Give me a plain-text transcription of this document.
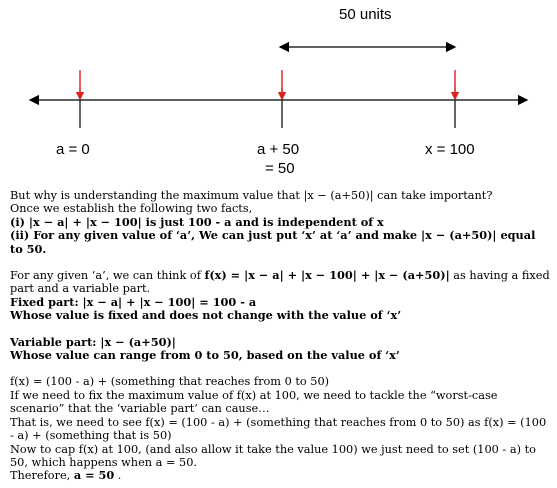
50 units
a = 0	a + 50
= 50
x = 100

But why is understanding the maximum value that |x − (a+50)| can take important?

Once we establish the following two facts,

(i) |x − a| + |x − 100| is just 100 - a and is independent of x

(ii) For any given value of ‘a’, We can just put ‘x’ at ‘a’ and make |x − (a+50)| equal to 50.

For any given ‘a’, we can think of f(x) = |x − a| + |x − 100| + |x − (a+50)| as having a fixed part and a variable part.

Fixed part: |x − a| + |x − 100| = 100 - a

Whose value is fixed and does not change with the value of ‘x’

Variable part: |x − (a+50)|

Whose value can range from 0 to 50, based on the value of ‘x’

f(x) = (100 - a) + (something that reaches from 0 to 50)

If we need to fix the maximum value of f(x) at 100, we need to tackle the “worst-case scenario” that the ‘variable part’ can cause…

That is, we need to see f(x) = (100 - a) + (something that reaches from 0 to 50) as f(x) = (100 - a) + (something that is 50)

Now to cap f(x) at 100, (and also allow it take the value 100) we just need to set (100 - a) to 50, which happens when a = 50.

Therefore, a = 50 .
